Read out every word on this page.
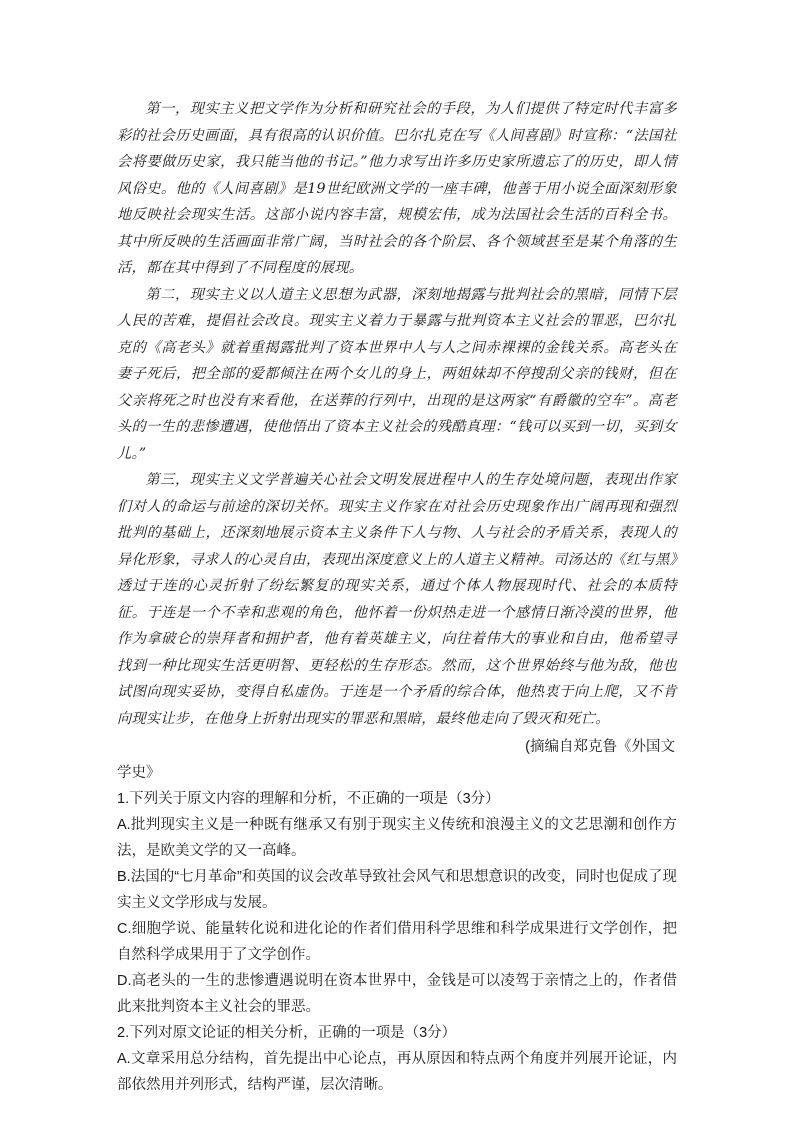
第一，现实主义把文学作为分析和研究社会的手段，为人们提供了特定时代丰富多彩的社会历史画面，具有很高的认识价值。巴尔扎克在写《人间喜剧》时宣称：“法国社会将要做历史家，我只能当他的书记。”他力求写出许多历史家所遗忘了的历史，即人情风俗史。他的《人间喜剧》是19世纪欧洲文学的一座丰碑，他善于用小说全面深刻形象地反映社会现实生活。这部小说内容丰富，规模宏伟，成为法国社会生活的百科全书。其中所反映的生活画面非常广阔，当时社会的各个阶层、各个领域甚至是某个角落的生活，都在其中得到了不同程度的展现。

第二，现实主义以人道主义思想为武器，深刻地揭露与批判社会的黑暗，同情下层人民的苦难，提倡社会改良。现实主义着力于暴露与批判资本主义社会的罪恶，巴尔扎克的《高老头》就着重揭露批判了资本世界中人与人之间赤裸裸的金钱关系。高老头在妻子死后，把全部的爱都倾注在两个女儿的身上，两姐妹却不停搜刮父亲的钱财，但在父亲将死之时也没有来看他，在送葬的行列中，出现的是这两家“有爵徽的空车”。高老头的一生的悲惨遭遇，使他悟出了资本主义社会的残酷真理：“钱可以买到一切，买到女儿。”

第三，现实主义文学普遍关心社会文明发展进程中人的生存处境问题，表现出作家们对人的命运与前途的深切关怀。现实主义作家在对社会历史现象作出广阔再现和强烈批判的基础上，还深刻地展示资本主义条件下人与物、人与社会的矛盾关系，表现人的异化形象，寻求人的心灵自由，表现出深度意义上的人道主义精神。司汤达的《红与黑》透过于连的心灵折射了纷纭繁复的现实关系，通过个体人物展现时代、社会的本质特征。于连是一个不幸和悲观的角色，他怀着一份炽热走进一个感情日渐冷漠的世界，他作为拿破仑的崇拜者和拥护者，他有着英雄主义，向往着伟大的事业和自由，他希望寻找到一种比现实生活更明智、更轻松的生存形态。然而，这个世界始终与他为敌，他也试图向现实妥协，变得自私虚伪。于连是一个矛盾的综合体，他热衷于向上爬，又不肯向现实让步，在他身上折射出现实的罪恶和黑暗，最终他走向了毁灭和死亡。

(摘编自郑克鲁《外国文
学史》

1.下列关于原文内容的理解和分析，不正确的一项是（3分）

A.批判现实主义是一种既有继承又有别于现实主义传统和浪漫主义的文艺思潮和创作方法，是欧美文学的又一高峰。

B.法国的“七月革命”和英国的议会改革导致社会风气和思想意识的改变，同时也促成了现实主义文学形成与发展。

C.细胞学说、能量转化说和进化论的作者们借用科学思维和科学成果进行文学创作，把自然科学成果用于了文学创作。

D.高老头的一生的悲惨遭遇说明在资本世界中，金钱是可以凌驾于亲情之上的，作者借此来批判资本主义社会的罪恶。

2.下列对原文论证的相关分析，正确的一项是（3分）

A.文章采用总分结构，首先提出中心论点，再从原因和特点两个角度并列展开论证，内部依然用并列形式，结构严谨，层次清晰。
